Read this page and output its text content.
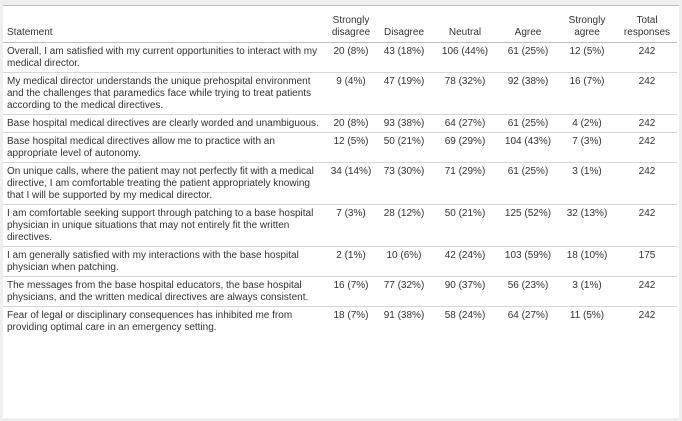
Statement	Strongly disagree	Disagree	Neutral	Agree	Strongly agree	Total responses
Overall, I am satisfied with my current opportunities to interact with my medical director.	20 (8%)	43 (18%)	106 (44%)	61 (25%)	12 (5%)	242
My medical director understands the unique prehospital environment and the challenges that paramedics face while trying to treat patients according to the medical directives.	9 (4%)	47 (19%)	78 (32%)	92 (38%)	16 (7%)	242
Base hospital medical directives are clearly worded and unambiguous.	20 (8%)	93 (38%)	64 (27%)	61 (25%)	4 (2%)	242
Base hospital medical directives allow me to practice with an appropriate level of autonomy.	12 (5%)	50 (21%)	69 (29%)	104 (43%)	7 (3%)	242
On unique calls, where the patient may not perfectly fit with a medical directive, I am comfortable treating the patient appropriately knowing that I will be supported by my medical director.	34 (14%)	73 (30%)	71 (29%)	61 (25%)	3 (1%)	242
I am comfortable seeking support through patching to a base hospital physician in unique situations that may not entirely fit the written directives.	7 (3%)	28 (12%)	50 (21%)	125 (52%)	32 (13%)	242
I am generally satisfied with my interactions with the base hospital physician when patching.	2 (1%)	10 (6%)	42 (24%)	103 (59%)	18 (10%)	175
The messages from the base hospital educators, the base hospital physicians, and the written medical directives are always consistent.	16 (7%)	77 (32%)	90 (37%)	56 (23%)	3 (1%)	242
Fear of legal or disciplinary consequences has inhibited me from providing optimal care in an emergency setting.	18 (7%)	91 (38%)	58 (24%)	64 (27%)	11 (5%)	242
